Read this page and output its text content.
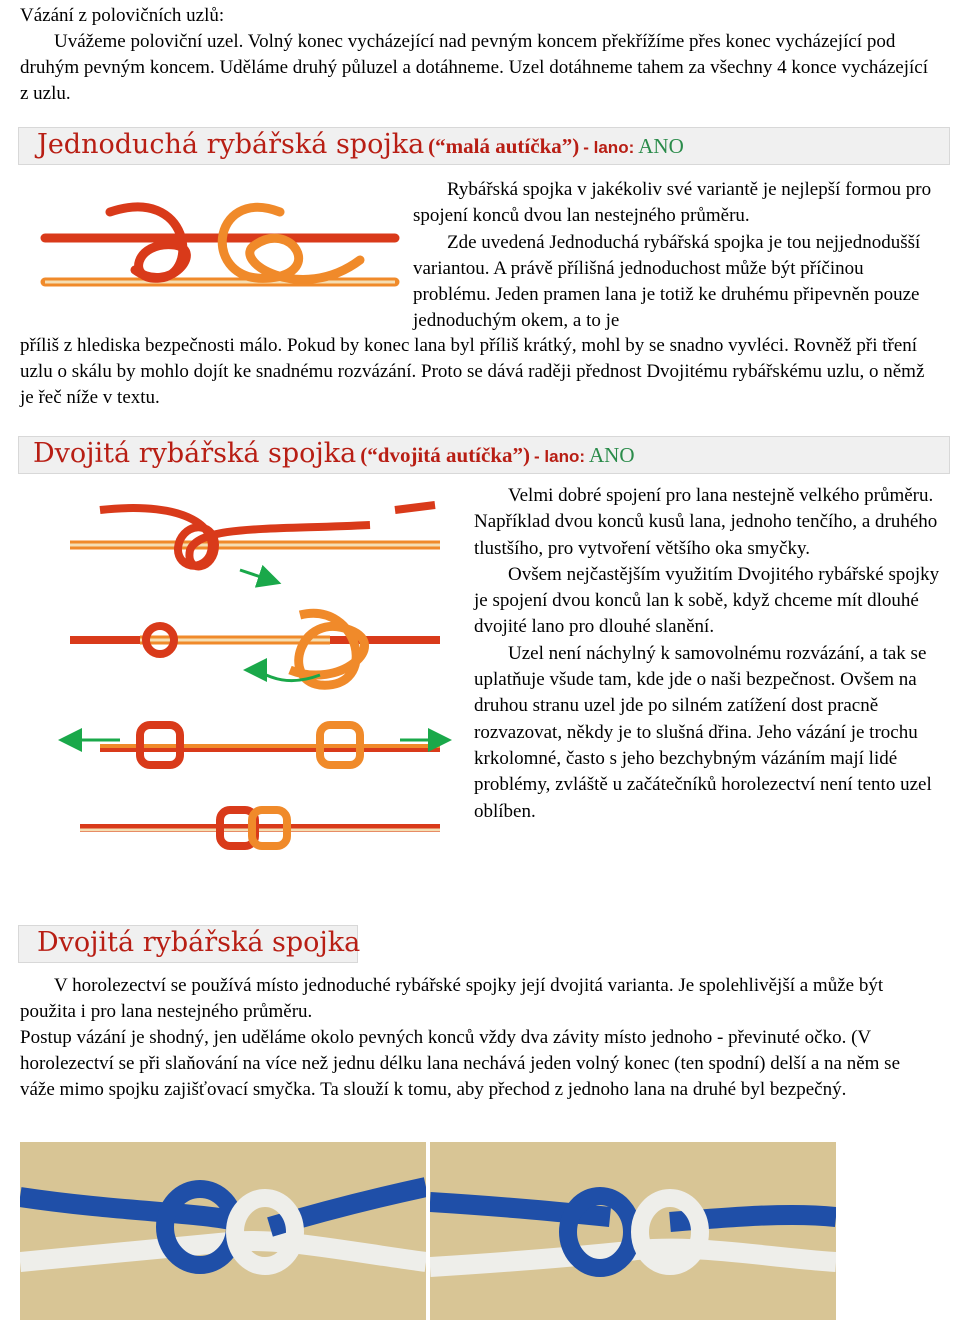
Vázání z polovičních uzlů:

Uvážeme poloviční uzel. Volný konec vycházející nad pevným koncem překřížíme přes konec vycházející pod druhým pevným koncem. Uděláme druhý půluzel a dotáhneme. Uzel dotáhneme tahem za všechny 4 konce vycházející z uzlu.

Jednoduchá rybářská spojka (“malá autíčka”) - lano: ANO

Rybářská spojka v jakékoliv své variantě je nejlepší formou pro spojení konců dvou lan nestejného průměru.

Zde uvedená Jednoduchá rybářská spojka je tou nejjednodušší variantou. A právě přílišná jednoduchost může být příčinou problému. Jeden pramen lana je totiž ke druhému připevněn pouze jednoduchým okem, a to je

příliš z hlediska bezpečnosti málo. Pokud by konec lana byl příliš krátký, mohl by se snadno vyvléci. Rovněž při tření uzlu o skálu by mohlo dojít ke snadnému rozvázání. Proto se dává raději přednost Dvojitému rybářskému uzlu, o němž je řeč níže v textu.

Dvojitá rybářská spojka (“dvojitá autíčka”) - lano: ANO

Velmi dobré spojení pro lana nestejně velkého průměru. Například dvou konců kusů lana, jednoho tenčího, a druhého tlustšího, pro vytvoření většího oka smyčky.

Ovšem nejčastějším využitím Dvojitého rybářské spojky je spojení dvou konců lan k sobě, když chceme mít dlouhé dvojité lano pro dlouhé slanění.

Uzel není náchylný k samovolnému rozvázání, a tak se uplatňuje všude tam, kde jde o naši bezpečnost. Ovšem na druhou stranu uzel jde po silném zatížení dost pracně rozvazovat, někdy je to slušná dřina. Jeho vázání je trochu krkolomné, často s jeho bezchybným vázáním mají lidé problémy, zvláště u začátečníků horolezectví není tento uzel oblíben.

Dvojitá rybářská spojka

V horolezectví se používá místo jednoduché rybářské spojky její dvojitá varianta. Je spolehlivější a může být použita i pro lana nestejného průměru.

Postup vázání je shodný, jen uděláme okolo pevných konců vždy dva závity místo jednoho - převinuté očko. (V horolezectví se při slaňování na více než jednu délku lana nechává jeden volný konec (ten spodní) delší a na něm se váže mimo spojku zajišťovací smyčka. Ta slouží k tomu, aby přechod z jednoho lana na druhé byl bezpečný.
